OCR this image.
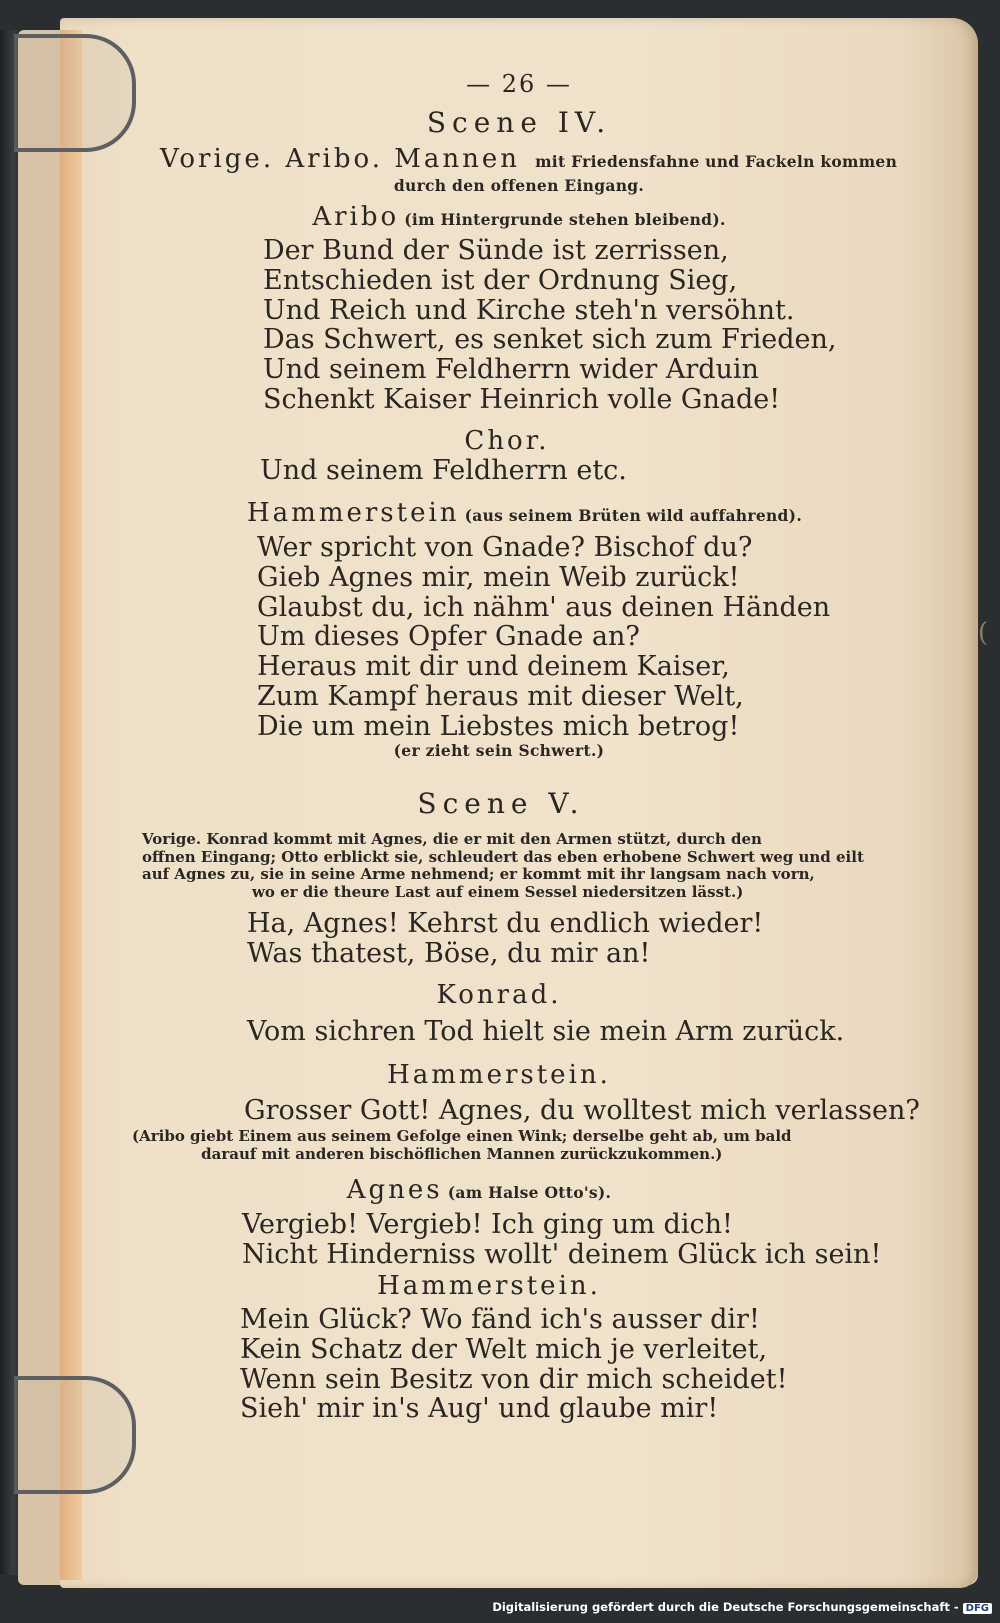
(
— 26 —
Scene IV.
Vorige. Aribo. Mannen mit Friedensfahne und Fackeln kommen
durch den offenen Eingang.
Aribo (im Hintergrunde stehen bleibend).
Der Bund der Sünde ist zerrissen,
Entschieden ist der Ordnung Sieg,
Und Reich und Kirche steh'n versöhnt.
Das Schwert, es senket sich zum Frieden,
Und seinem Feldherrn wider Arduin
Schenkt Kaiser Heinrich volle Gnade!
Chor.
Und seinem Feldherrn etc.
Hammerstein (aus seinem Brüten wild auffahrend).
Wer spricht von Gnade? Bischof du?
Gieb Agnes mir, mein Weib zurück!
Glaubst du, ich nähm' aus deinen Händen
Um dieses Opfer Gnade an?
Heraus mit dir und deinem Kaiser,
Zum Kampf heraus mit dieser Welt,
Die um mein Liebstes mich betrog!
(er zieht sein Schwert.)
Scene V.
Vorige. Konrad kommt mit Agnes, die er mit den Armen stützt, durch den
offnen Eingang; Otto erblickt sie, schleudert das eben erhobene Schwert weg und eilt
auf Agnes zu, sie in seine Arme nehmend; er kommt mit ihr langsam nach vorn,
wo er die theure Last auf einem Sessel niedersitzen lässt.)
Ha, Agnes! Kehrst du endlich wieder!
Was thatest, Böse, du mir an!
Konrad.
Vom sichren Tod hielt sie mein Arm zurück.
Hammerstein.
Grosser Gott! Agnes, du wolltest mich verlassen?
(Aribo giebt Einem aus seinem Gefolge einen Wink; derselbe geht ab, um bald
darauf mit anderen bischöflichen Mannen zurückzukommen.)
Agnes (am Halse Otto's).
Vergieb! Vergieb! Ich ging um dich!
Nicht Hinderniss wollt' deinem Glück ich sein!
Hammerstein.
Mein Glück? Wo fänd ich's ausser dir!
Kein Schatz der Welt mich je verleitet,
Wenn sein Besitz von dir mich scheidet!
Sieh' mir in's Aug' und glaube mir!
Digitalisierung gefördert durch die Deutsche Forschungsgemeinschaft - DFG
